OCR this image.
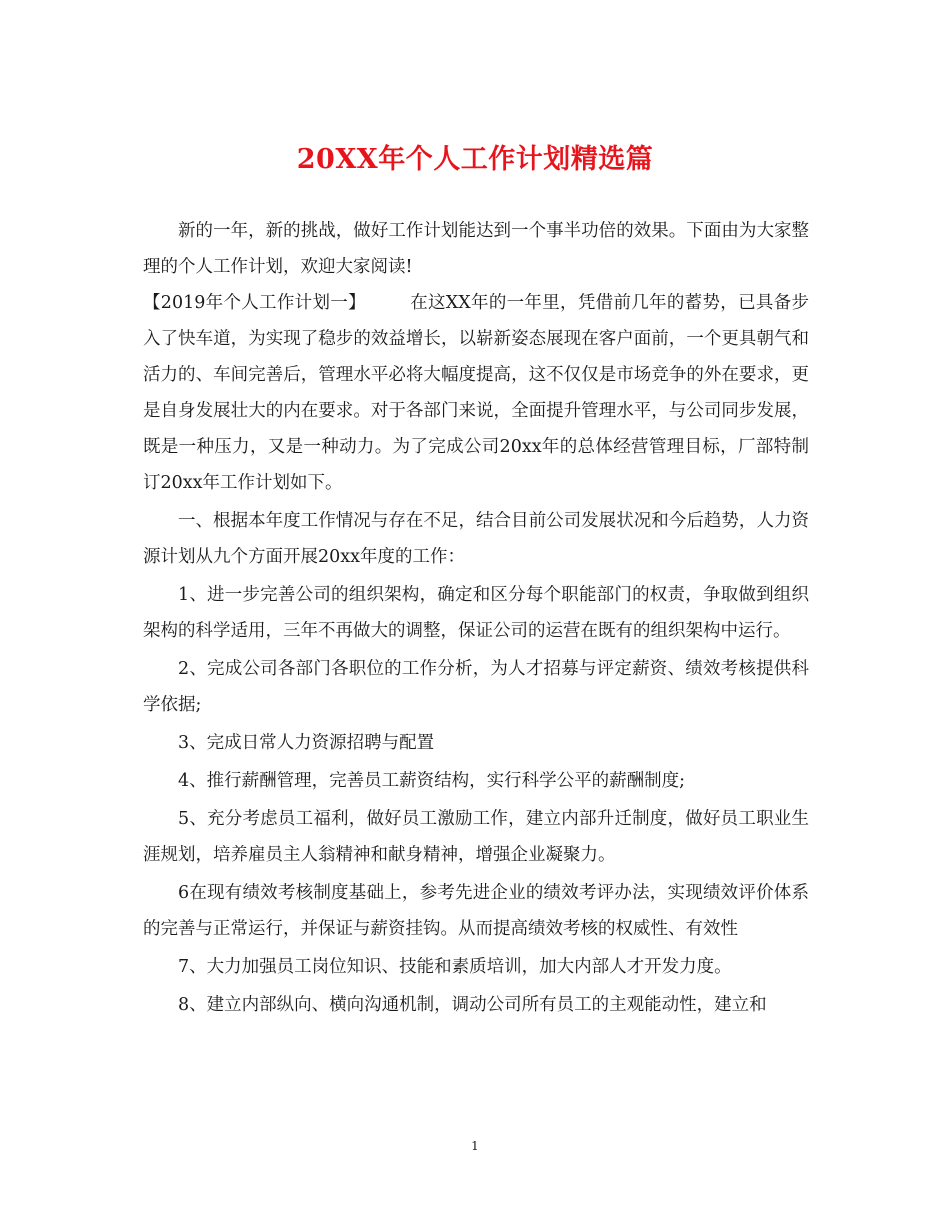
20XX年个人工作计划精选篇

新的一年，新的挑战，做好工作计划能达到一个事半功倍的效果。下面由为大家整理的个人工作计划，欢迎大家阅读!

【2019年个人工作计划一】	在这XX年的一年里，凭借前几年的蓄势，已具备步入了快车道，为实现了稳步的效益增长，以崭新姿态展现在客户面前，一个更具朝气和活力的、车间完善后，管理水平必将大幅度提高，这不仅仅是市场竞争的外在要求，更是自身发展壮大的内在要求。对于各部门来说，全面提升管理水平，与公司同步发展，既是一种压力，又是一种动力。为了完成公司20xx年的总体经营管理目标，厂部特制订20xx年工作计划如下。

一、根据本年度工作情况与存在不足，结合目前公司发展状况和今后趋势，人力资源计划从九个方面开展20xx年度的工作：

1、进一步完善公司的组织架构，确定和区分每个职能部门的权责，争取做到组织架构的科学适用，三年不再做大的调整，保证公司的运营在既有的组织架构中运行。

2、完成公司各部门各职位的工作分析，为人才招募与评定薪资、绩效考核提供科学依据;

3、完成日常人力资源招聘与配置

4、推行薪酬管理，完善员工薪资结构，实行科学公平的薪酬制度;

5、充分考虑员工福利，做好员工激励工作，建立内部升迁制度，做好员工职业生涯规划，培养雇员主人翁精神和献身精神，增强企业凝聚力。

6在现有绩效考核制度基础上，参考先进企业的绩效考评办法，实现绩效评价体系的完善与正常运行，并保证与薪资挂钩。从而提高绩效考核的权威性、有效性

7、大力加强员工岗位知识、技能和素质培训，加大内部人才开发力度。

8、建立内部纵向、横向沟通机制，调动公司所有员工的主观能动性，建立和

1
